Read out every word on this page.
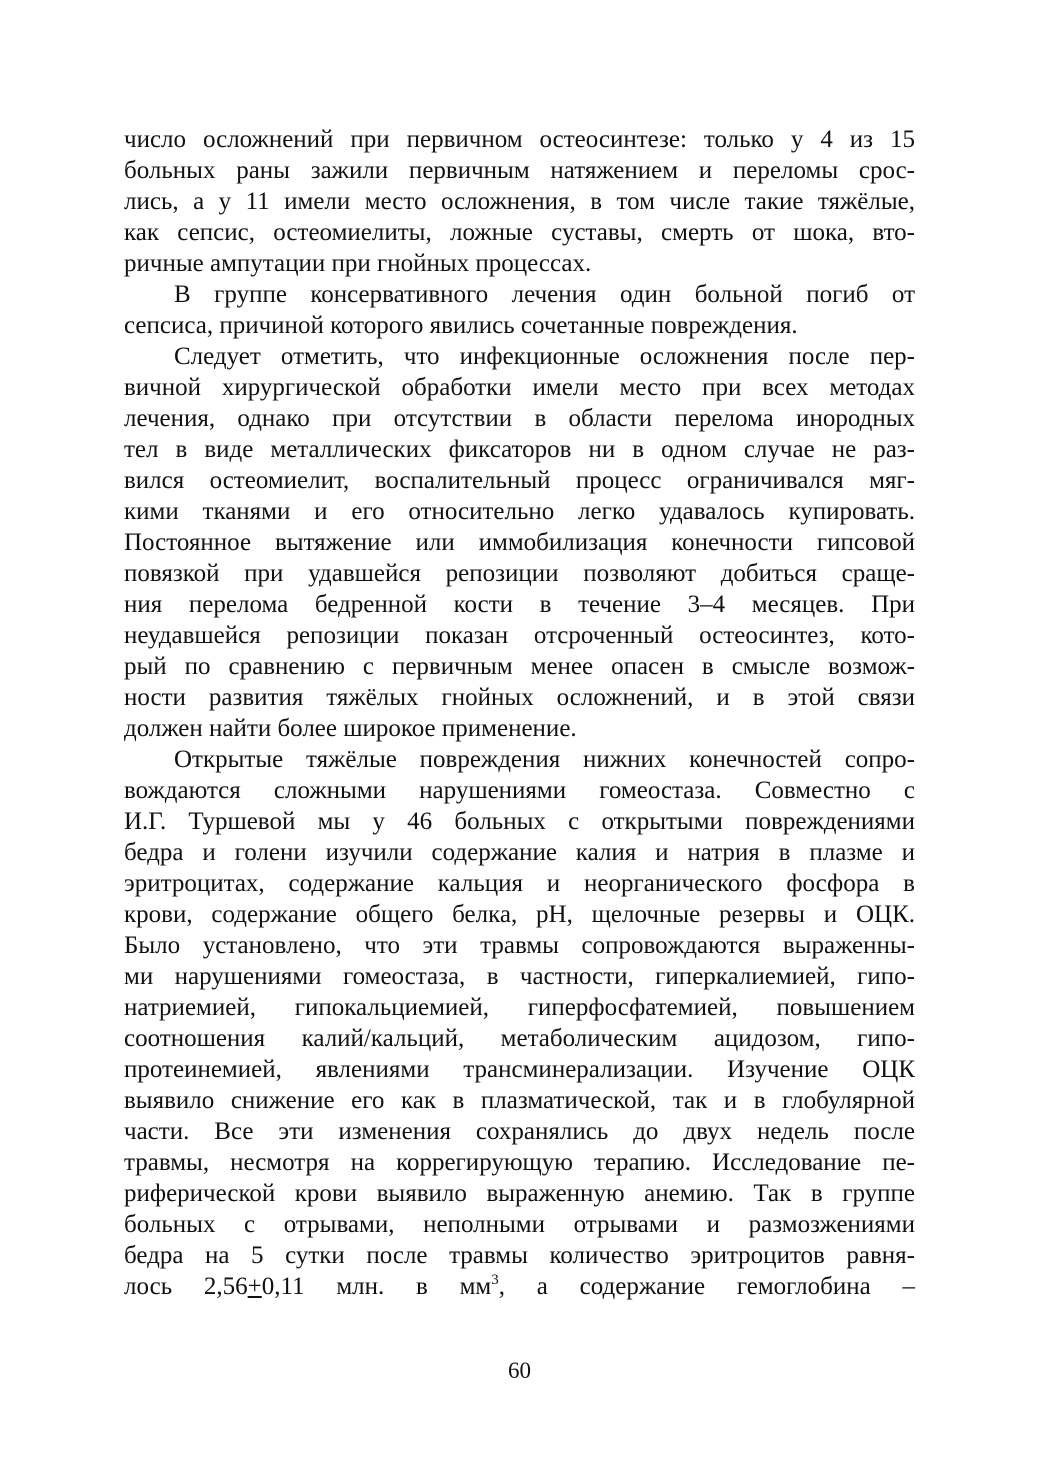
число осложнений при первичном остеосинтезе: только у 4 из 15
больных раны зажили первичным натяжением и переломы срос-
лись, а у 11 имели место осложнения, в том числе такие тяжёлые,
как сепсис, остеомиелиты, ложные суставы, смерть от шока, вто-
ричные ампутации при гнойных процессах.
В группе консервативного лечения один больной погиб от
сепсиса, причиной которого явились сочетанные повреждения.
Следует отметить, что инфекционные осложнения после пер-
вичной хирургической обработки имели место при всех методах
лечения, однако при отсутствии в области перелома инородных
тел в виде металлических фиксаторов ни в одном случае не раз-
вился остеомиелит, воспалительный процесс ограничивался мяг-
кими тканями и его относительно легко удавалось купировать.
Постоянное вытяжение или иммобилизация конечности гипсовой
повязкой при удавшейся репозиции позволяют добиться сраще-
ния перелома бедренной кости в течение 3–4 месяцев. При
неудавшейся репозиции показан отсроченный остеосинтез, кото-
рый по сравнению с первичным менее опасен в смысле возмож-
ности развития тяжёлых гнойных осложнений, и в этой связи
должен найти более широкое применение.
Открытые тяжёлые повреждения нижних конечностей сопро-
вождаются сложными нарушениями гомеостаза. Совместно с
И.Г. Туршевой мы у 46 больных с открытыми повреждениями
бедра и голени изучили содержание калия и натрия в плазме и
эритроцитах, содержание кальция и неорганического фосфора в
крови, содержание общего белка, pH, щелочные резервы и ОЦК.
Было установлено, что эти травмы сопровождаются выраженны-
ми нарушениями гомеостаза, в частности, гиперкалиемией, гипо-
натриемией, гипокальциемией, гиперфосфатемией, повышением
соотношения калий/кальций, метаболическим ацидозом, гипо-
протеинемией, явлениями трансминерализации. Изучение ОЦК
выявило снижение его как в плазматической, так и в глобулярной
части. Все эти изменения сохранялись до двух недель после
травмы, несмотря на коррегирующую терапию. Исследование пе-
риферической крови выявило выраженную анемию. Так в группе
больных с отрывами, неполными отрывами и размозжениями
бедра на 5 сутки после травмы количество эритроцитов равня-
лось 2,56+0,11 млн. в $мм^3$, а содержание гемоглобина –
60
